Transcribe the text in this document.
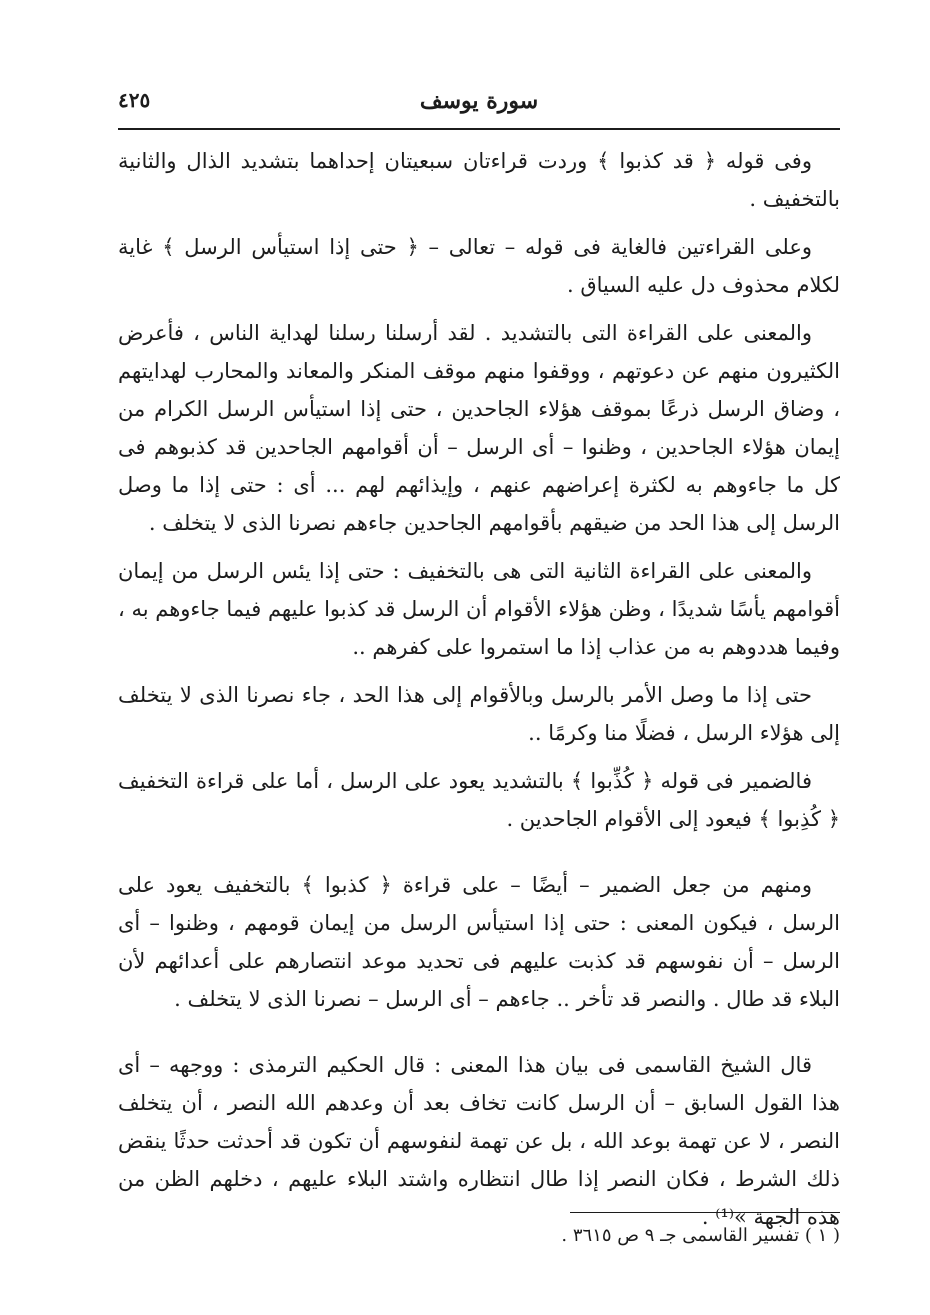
٤٢٥	سورة يوسف

وفى قوله ﴿ قد كذبوا ﴾ وردت قراءتان سبعيتان إحداهما بتشديد الذال والثانية بالتخفيف .

وعلى القراءتين فالغاية فى قوله – تعالى – ﴿ حتى إذا استيأس الرسل ﴾ غاية لكلام محذوف دل عليه السياق .

والمعنى على القراءة التى بالتشديد . لقد أرسلنا رسلنا لهداية الناس ، فأعرض الكثيرون منهم عن دعوتهم ، ووقفوا منهم موقف المنكر والمعاند والمحارب لهدايتهم ، وضاق الرسل ذرعًا بموقف هؤلاء الجاحدين ، حتى إذا استيأس الرسل الكرام من إيمان هؤلاء الجاحدين ، وظنوا – أى الرسل – أن أقوامهم الجاحدين قد كذبوهم فى كل ما جاءوهم به لكثرة إعراضهم عنهم ، وإيذائهم لهم ... أى : حتى إذا ما وصل الرسل إلى هذا الحد من ضيقهم بأقوامهم الجاحدين جاءهم نصرنا الذى لا يتخلف .

والمعنى على القراءة الثانية التى هى بالتخفيف : حتى إذا يئس الرسل من إيمان أقوامهم يأسًا شديدًا ، وظن هؤلاء الأقوام أن الرسل قد كذبوا عليهم فيما جاءوهم به ، وفيما هددوهم به من عذاب إذا ما استمروا على كفرهم ..

حتى إذا ما وصل الأمر بالرسل وبالأقوام إلى هذا الحد ، جاء نصرنا الذى لا يتخلف إلى هؤلاء الرسل ، فضلًا منا وكرمًا ..

فالضمير فى قوله ﴿ كُذِّبوا ﴾ بالتشديد يعود على الرسل ، أما على قراءة التخفيف ﴿ كُذِبوا ﴾ فيعود إلى الأقوام الجاحدين .

ومنهم من جعل الضمير – أيضًا – على قراءة ﴿ كذبوا ﴾ بالتخفيف يعود على الرسل ، فيكون المعنى : حتى إذا استيأس الرسل من إيمان قومهم ، وظنوا – أى الرسل – أن نفوسهم قد كذبت عليهم فى تحديد موعد انتصارهم على أعدائهم لأن البلاء قد طال . والنصر قد تأخر .. جاءهم – أى الرسل – نصرنا الذى لا يتخلف .

قال الشيخ القاسمى فى بيان هذا المعنى : قال الحكيم الترمذى : ووجهه – أى هذا القول السابق – أن الرسل كانت تخاف بعد أن وعدهم الله النصر ، أن يتخلف النصر ، لا عن تهمة بوعد الله ، بل عن تهمة لنفوسهم أن تكون قد أحدثت حدثًا ينقض ذلك الشرط ، فكان النصر إذا طال انتظاره واشتد البلاء عليهم ، دخلهم الظن من هذه الجهة »⁽¹⁾ .

( ١ ) تفسير القاسمى جـ ٩ ص ٣٦١٥ .
